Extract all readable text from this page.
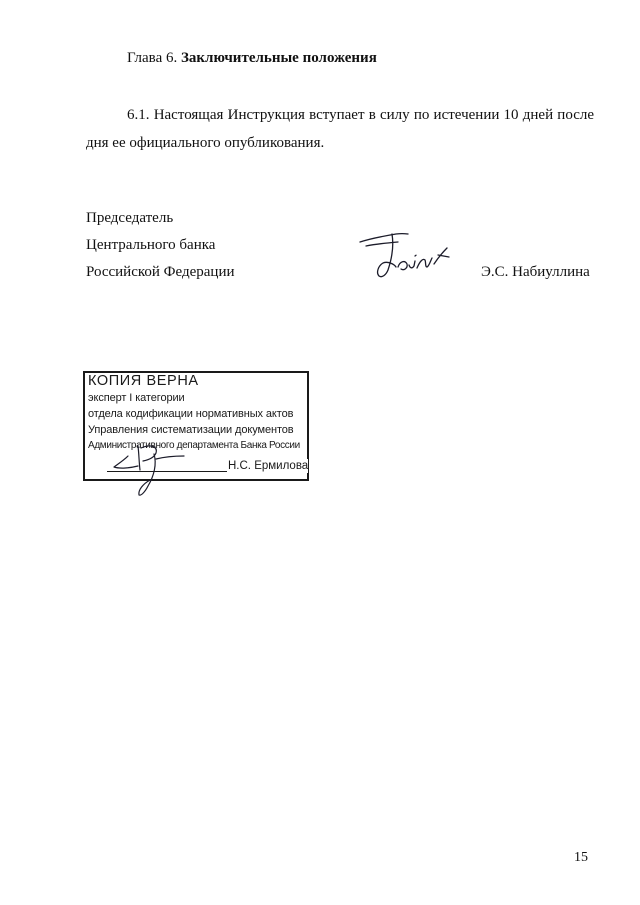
Глава 6. Заключительные положения
6.1. Настоящая Инструкция вступает в силу по истечении 10 дней после дня ее официального опубликования.
Председатель
Центрального банка
Российской Федерации	Э.С. Набиуллина
КОПИЯ ВЕРНА
эксперт I категории
отдела кодификации нормативных актов
Управления систематизации документов
Административного департамента Банка России
Н.С. Ермилова
15
